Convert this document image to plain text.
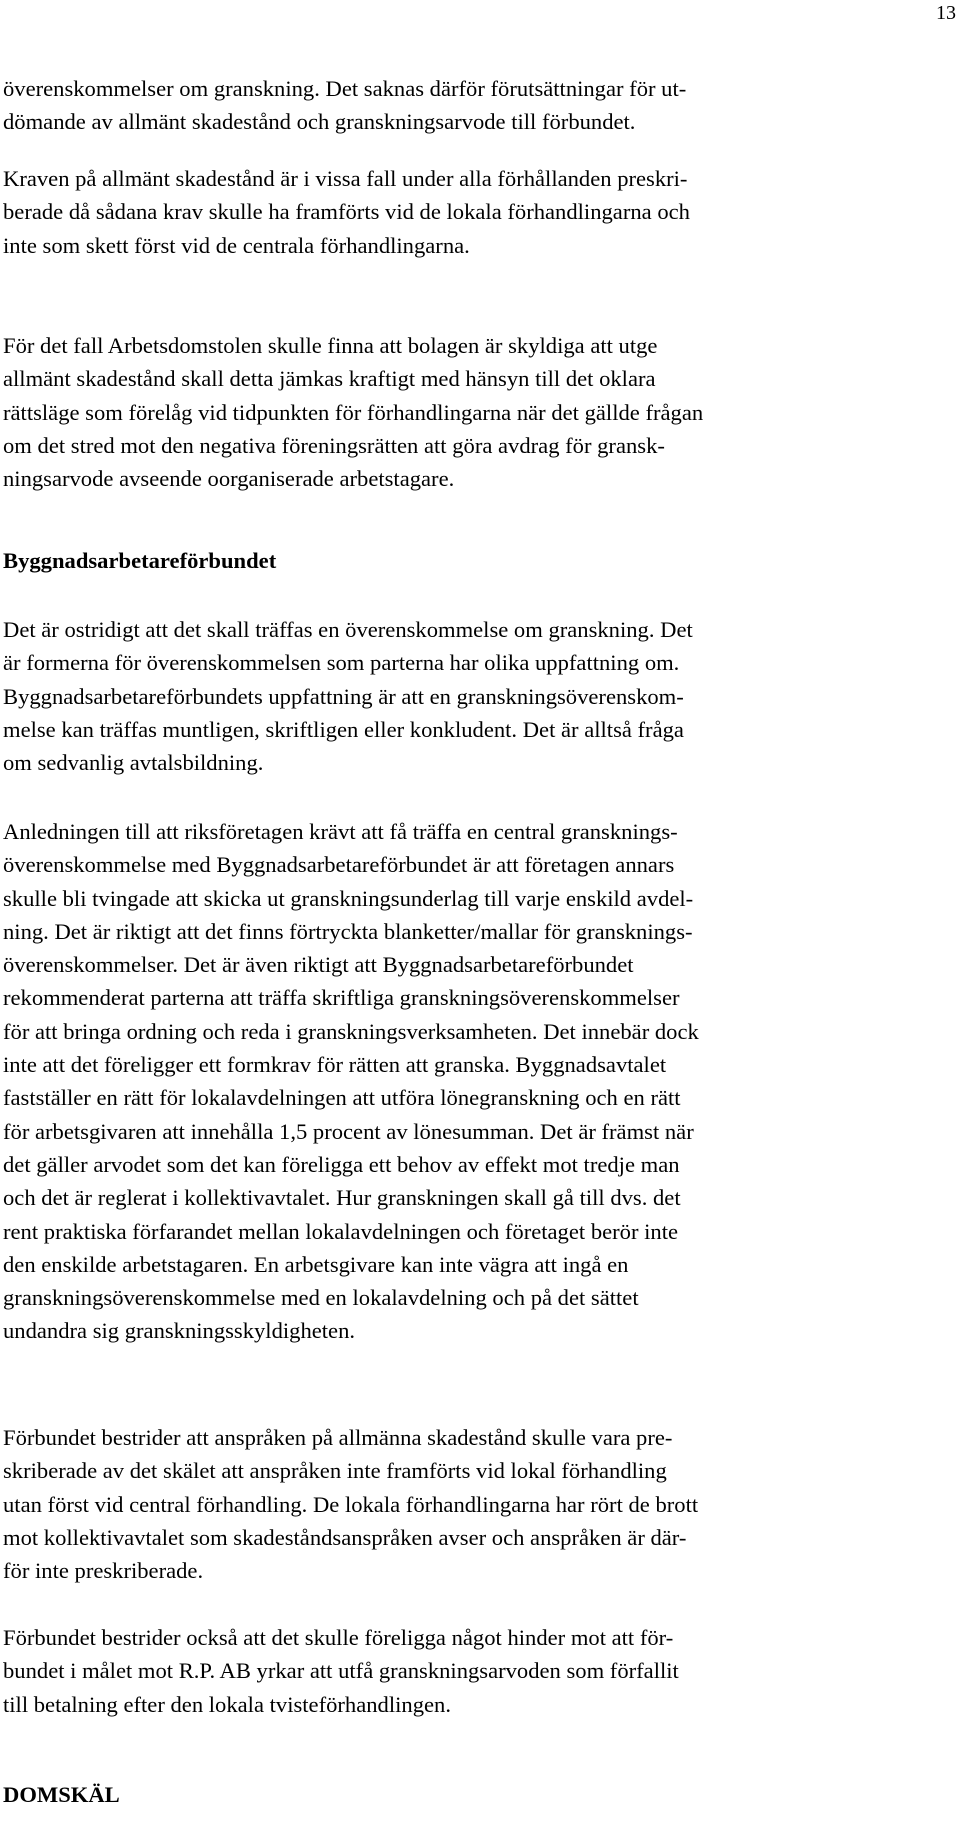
13
överenskommelser om granskning. Det saknas därför förutsättningar för ut-
dömande av allmänt skadestånd och granskningsarvode till förbundet.
Kraven på allmänt skadestånd är i vissa fall under alla förhållanden preskri-
berade då sådana krav skulle ha framförts vid de lokala förhandlingarna och
inte som skett först vid de centrala förhandlingarna.
För det fall Arbetsdomstolen skulle finna att bolagen är skyldiga att utge
allmänt skadestånd skall detta jämkas kraftigt med hänsyn till det oklara
rättsläge som förelåg vid tidpunkten för förhandlingarna när det gällde frågan
om det stred mot den negativa föreningsrätten att göra avdrag för gransk-
ningsarvode avseende oorganiserade arbetstagare.
Byggnadsarbetareförbundet
Det är ostridigt att det skall träffas en överenskommelse om granskning. Det
är formerna för överenskommelsen som parterna har olika uppfattning om.
Byggnadsarbetareförbundets uppfattning är att en granskningsöverenskom-
melse kan träffas muntligen, skriftligen eller konkludent. Det är alltså fråga
om sedvanlig avtalsbildning.
Anledningen till att riksföretagen krävt att få träffa en central gransknings-
överenskommelse med Byggnadsarbetareförbundet är att företagen annars
skulle bli tvingade att skicka ut granskningsunderlag till varje enskild avdel-
ning. Det är riktigt att det finns förtryckta blanketter/mallar för gransknings-
överenskommelser. Det är även riktigt att Byggnadsarbetareförbundet
rekommenderat parterna att träffa skriftliga granskningsöverenskommelser
för att bringa ordning och reda i granskningsverksamheten. Det innebär dock
inte att det föreligger ett formkrav för rätten att granska. Byggnadsavtalet
fastställer en rätt för lokalavdelningen att utföra lönegranskning och en rätt
för arbetsgivaren att innehålla 1,5 procent av lönesumman. Det är främst när
det gäller arvodet som det kan föreligga ett behov av effekt mot tredje man
och det är reglerat i kollektivavtalet. Hur granskningen skall gå till dvs. det
rent praktiska förfarandet mellan lokalavdelningen och företaget berör inte
den enskilde arbetstagaren. En arbetsgivare kan inte vägra att ingå en
granskningsöverenskommelse med en lokalavdelning och på det sättet
undandra sig granskningsskyldigheten.
Förbundet bestrider att anspråken på allmänna skadestånd skulle vara pre-
skriberade av det skälet att anspråken inte framförts vid lokal förhandling
utan först vid central förhandling. De lokala förhandlingarna har rört de brott
mot kollektivavtalet som skadeståndsanspråken avser och anspråken är där-
för inte preskriberade.
Förbundet bestrider också att det skulle föreligga något hinder mot att för-
bundet i målet mot R.P. AB yrkar att utfå granskningsarvoden som förfallit
till betalning efter den lokala tvisteförhandlingen.
DOMSKÄL
